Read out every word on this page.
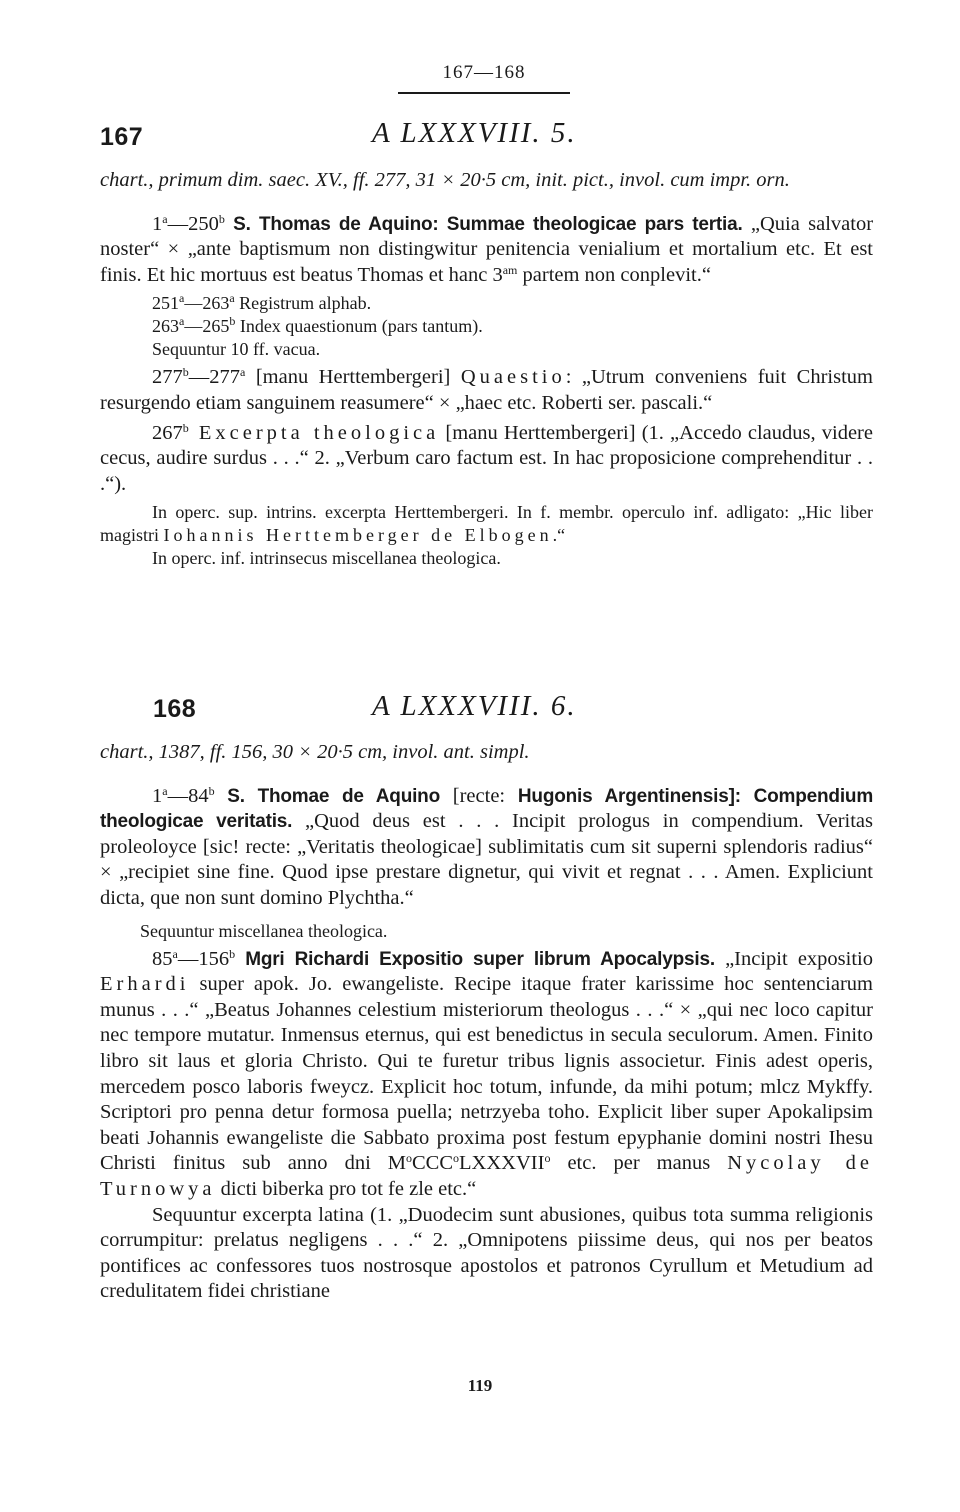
167—168
167	A LXXXVIII. 5.

chart., primum dim. saec. XV., ff. 277, 31 × 20·5 cm, init. pict., invol. cum impr. orn.

1$^a$—250$^b$ S. Thomas de Aquino: Summae theologicae pars tertia. „Quia salvator noster“ × „ante baptismum non distingwitur penitencia venialium et mortalium etc. Et est finis. Et hic mortuus est beatus Thomas et hanc $3^{am}$ partem non conplevit.“

251$^a$—263$^a$ Registrum alphab.

263$^a$—265$^b$ Index quaestionum (pars tantum).

Sequuntur 10 ff. vacua.

277$^b$—277$^a$ [manu Herttembergeri] Quaestio: „Utrum conveniens fuit Christum resurgendo etiam sanguinem reasumere“ × „haec etc. Roberti ser. pascali.“

267$^b$ Excerpta theologica [manu Herttembergeri] (1. „Accedo claudus, videre cecus, audire surdus . . .“ 2. „Verbum caro factum est. In hac proposicione comprehenditur . . .“).

In operc. sup. intrins. excerpta Herttembergeri. In f. membr. operculo inf. adligato: „Hic liber magistri Iohannis Herttemberger de Elbogen.“

In operc. inf. intrinsecus miscellanea theologica.

168	A LXXXVIII. 6.

chart., 1387, ff. 156, 30 × 20·5 cm, invol. ant. simpl.

1$^a$—84$^b$ S. Thomae de Aquino [recte: Hugonis Argentinensis]: Compendium theologicae veritatis. „Quod deus est . . . Incipit prologus in compendium. Veritas proleoloyce [sic! recte: „Veritatis theologicae] sublimitatis cum sit superni splendoris radius“ × „recipiet sine fine. Quod ipse prestare dignetur, qui vivit et regnat . . . Amen. Expliciunt dicta, que non sunt domino Plychtha.“

Sequuntur miscellanea theologica.

85$^a$—156$^b$ Mgri Richardi Expositio super librum Apocalypsis. „Incipit expositio Erhardi super apok. Jo. ewangeliste. Recipe itaque frater karissime hoc sentenciarum munus . . .“ „Beatus Johannes celestium misteriorum theologus . . .“ × „qui nec loco capitur nec tempore mutatur. Inmensus eternus, qui est benedictus in secula seculorum. Amen. Finito libro sit laus et gloria Christo. Qui te furetur tribus lignis associetur. Finis adest operis, mercedem posco laboris fweycz. Explicit hoc totum, infunde, da mihi potum; mlcz Mykffy. Scriptori pro penna detur formosa puella; netrzyeba toho. Explicit liber super Apokalipsim beati Johannis ewangeliste die Sabbato proxima post festum epyphanie domini nostri Ihesu Christi finitus sub anno dni $M^oCCC^oLXXXVII^o$ etc. per manus Nycolay de Turnowya dicti biberka pro tot fe zle etc.“

Sequuntur excerpta latina (1. „Duodecim sunt abusiones, quibus tota summa religionis corrumpitur: prelatus negligens . . .“ 2. „Omnipotens piissime deus, qui nos per beatos pontifices ac confessores tuos nostrosque apostolos et patronos Cyrullum et Metudium ad credulitatem fidei christiane

119
